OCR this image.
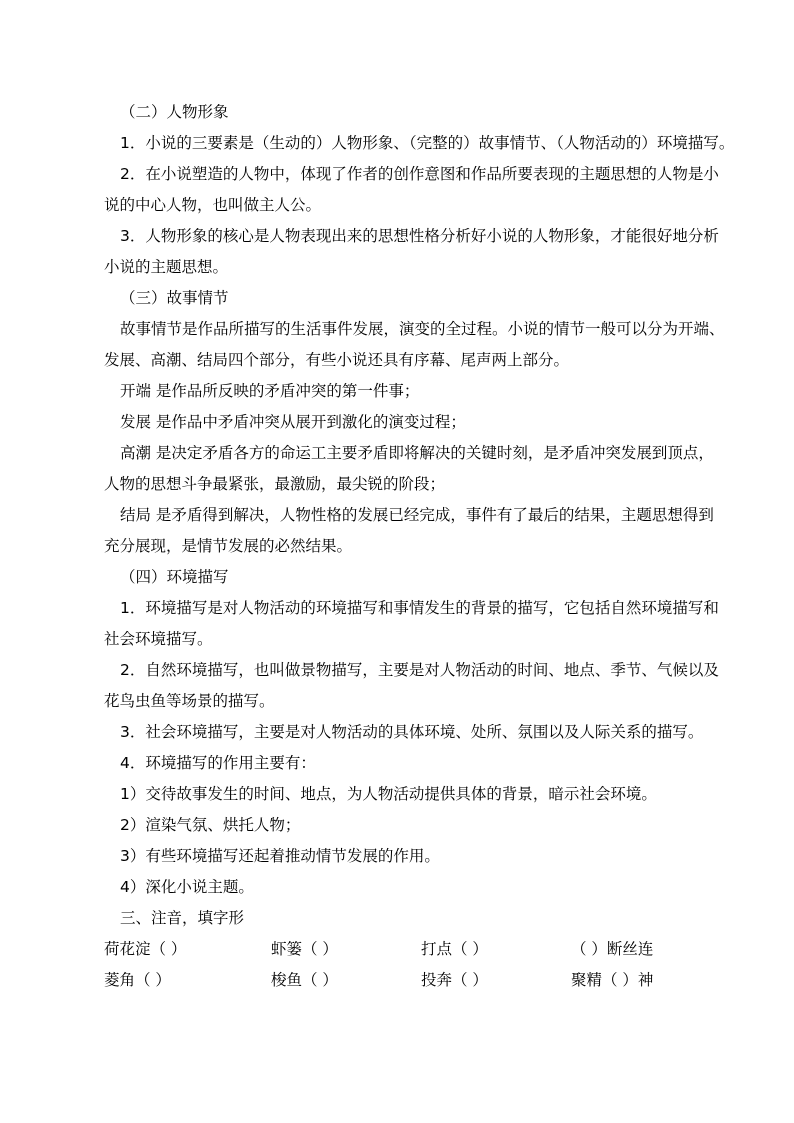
（二）人物形象
1．小说的三要素是（生动的）人物形象、（完整的）故事情节、（人物活动的）环境描写。
2．在小说塑造的人物中，体现了作者的创作意图和作品所要表现的主题思想的人物是小
说的中心人物，也叫做主人公。
3．人物形象的核心是人物表现出来的思想性格分析好小说的人物形象，才能很好地分析
小说的主题思想。
（三）故事情节
故事情节是作品所描写的生活事件发展，演变的全过程。小说的情节一般可以分为开端、
发展、高潮、结局四个部分，有些小说还具有序幕、尾声两上部分。
开端 是作品所反映的矛盾冲突的第一件事；
发展 是作品中矛盾冲突从展开到激化的演变过程；
高潮 是决定矛盾各方的命运工主要矛盾即将解决的关键时刻，是矛盾冲突发展到顶点，
人物的思想斗争最紧张，最激励，最尖锐的阶段；
结局 是矛盾得到解决，人物性格的发展已经完成，事件有了最后的结果，主题思想得到
充分展现，是情节发展的必然结果。
（四）环境描写
1．环境描写是对人物活动的环境描写和事情发生的背景的描写，它包括自然环境描写和
社会环境描写。
2．自然环境描写，也叫做景物描写，主要是对人物活动的时间、地点、季节、气候以及
花鸟虫鱼等场景的描写。
3．社会环境描写，主要是对人物活动的具体环境、处所、氛围以及人际关系的描写。
4．环境描写的作用主要有：
1）交待故事发生的时间、地点，为人物活动提供具体的背景，暗示社会环境。
2）渲染气氛、烘托人物；
3）有些环境描写还起着推动情节发展的作用。
4）深化小说主题。
三、注音，填字形
荷花淀（ ）	虾篓（ ）	打点（ ）	（ ）断丝连
菱角（ ）	梭鱼（ ）	投奔（ ）	聚精（ ）神
